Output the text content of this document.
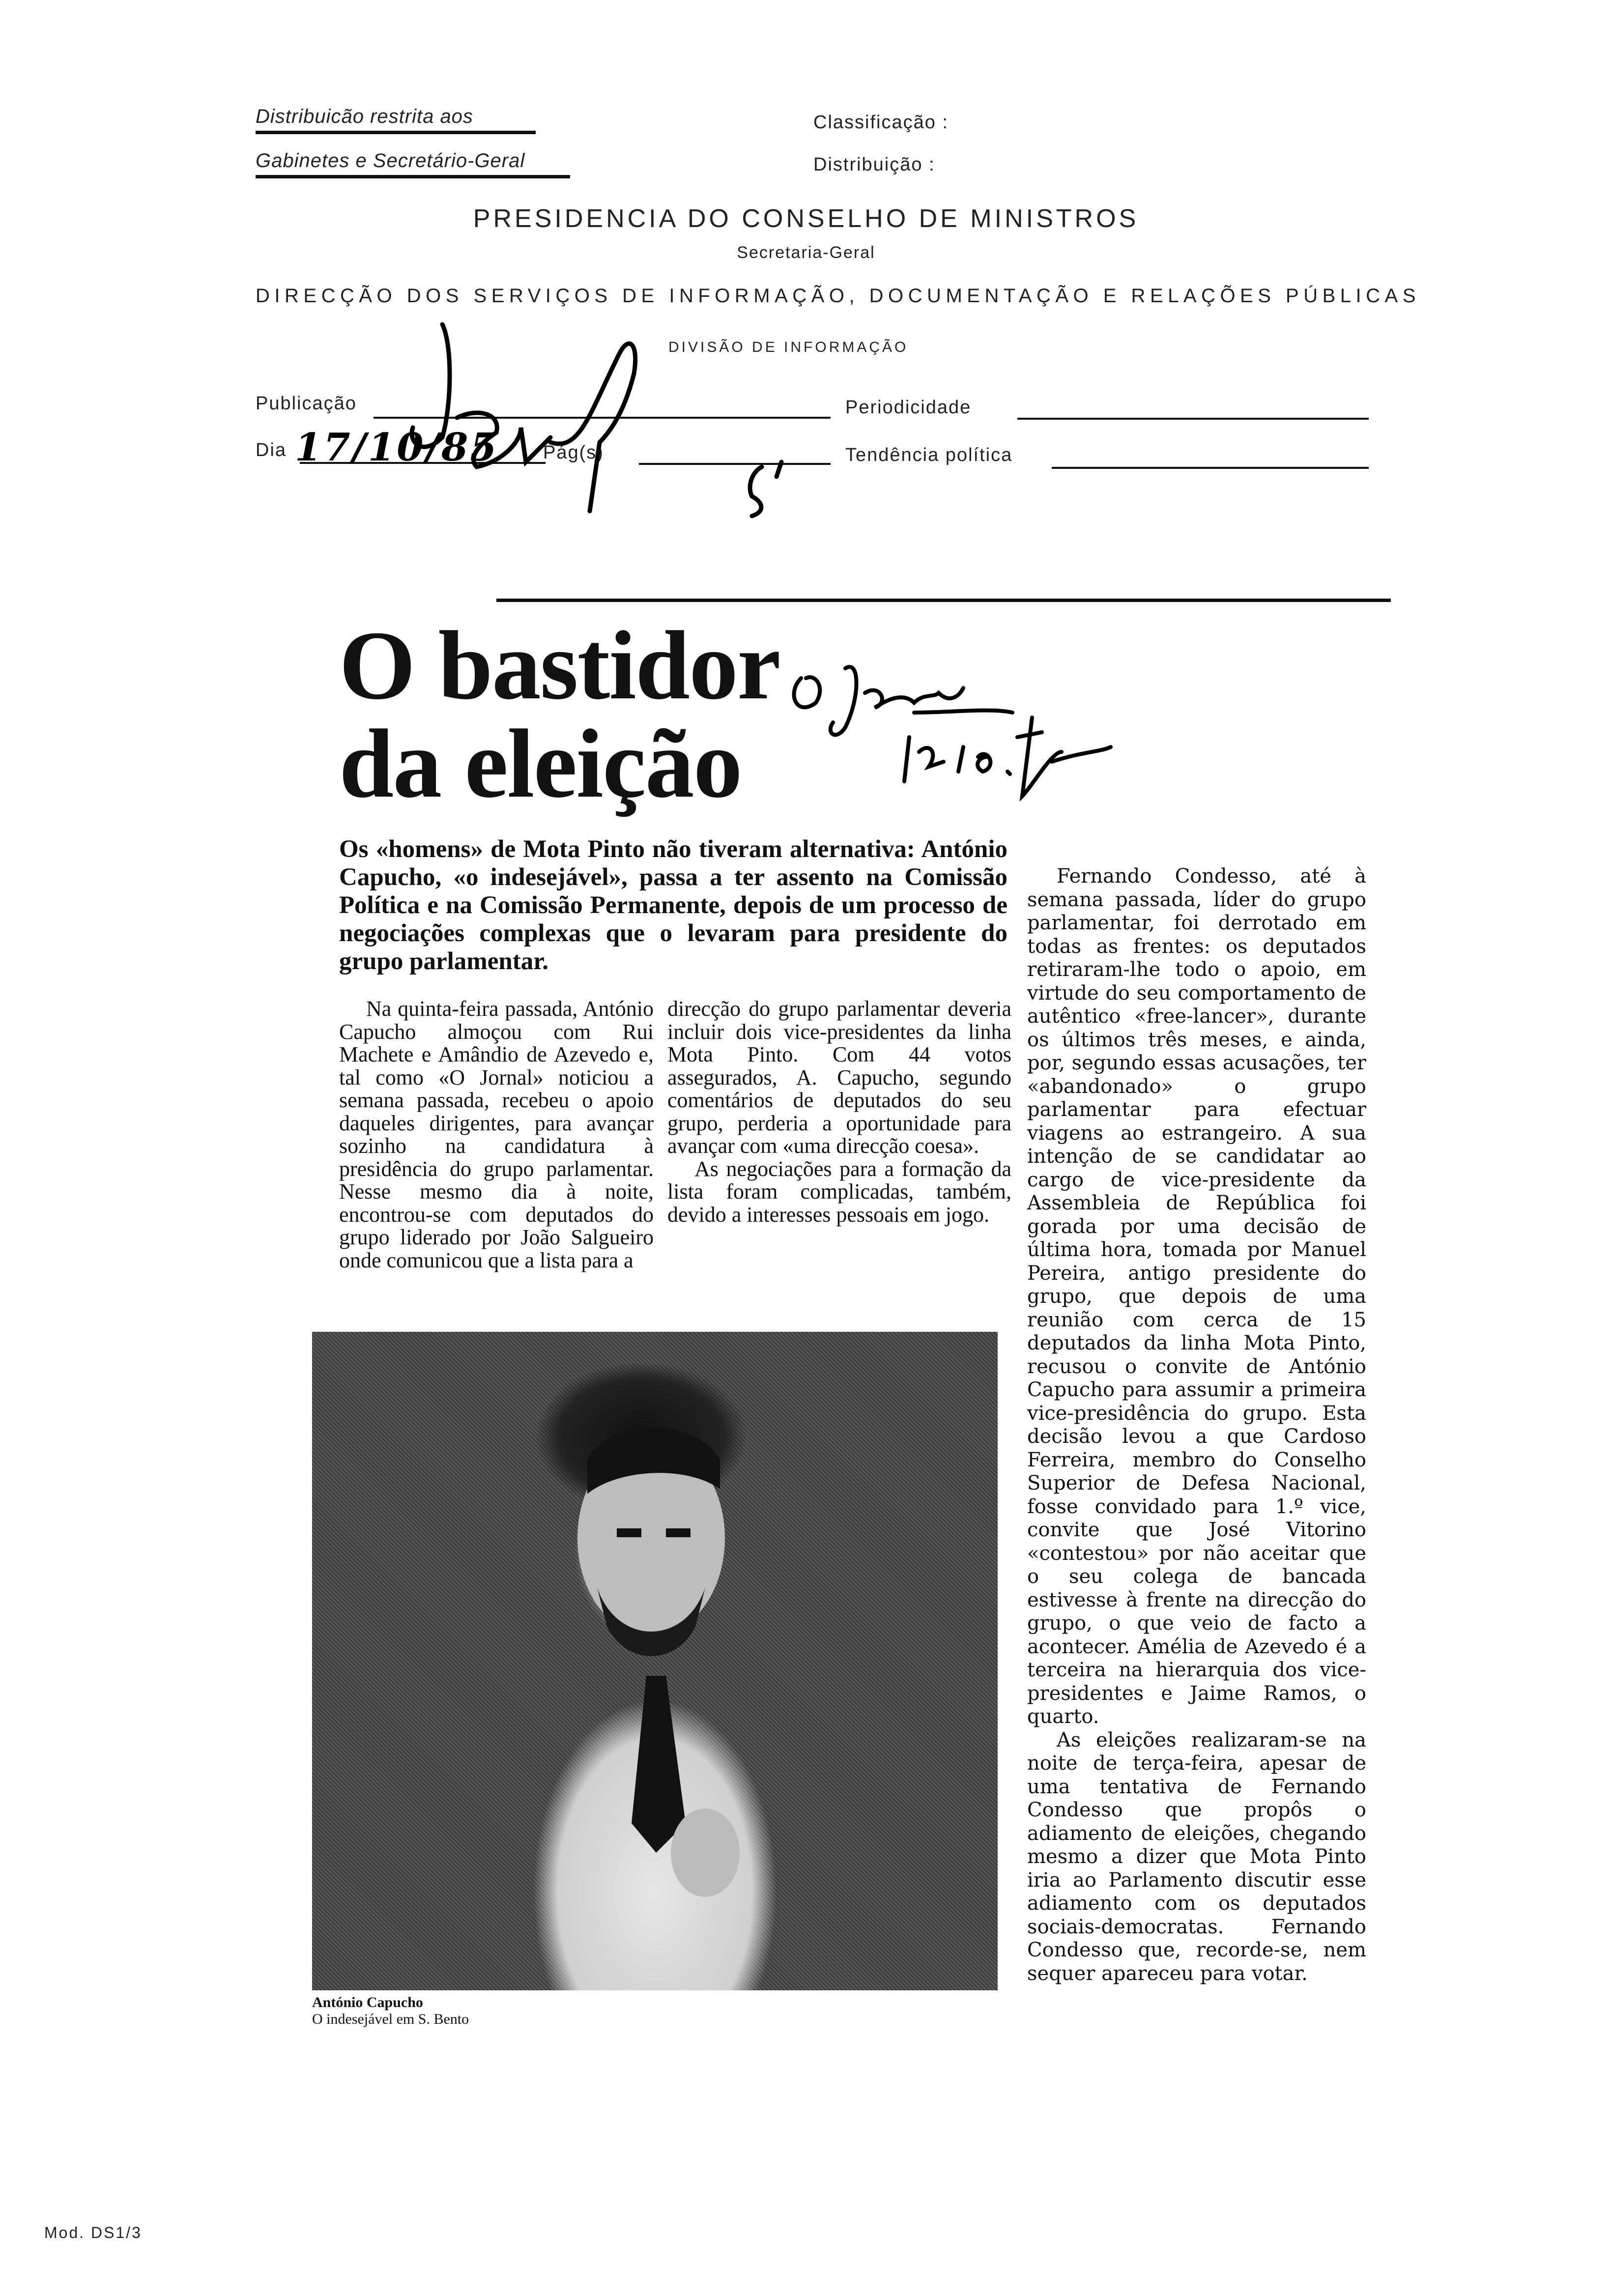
Distribuicão restrita aos
Gabinetes e Secretário-Geral
Classificação :
Distribuição :
PRESIDENCIA DO CONSELHO DE MINISTROS
Secretaria-Geral
DIRECÇÃO DOS SERVIÇOS DE INFORMAÇÃO, DOCUMENTAÇÃO E RELAÇÕES PÚBLICAS
DIVISÃO DE INFORMAÇÃO
Publicação	Periodicidade
Dia 17/10/85 Pág(s)	Tendência política
O bastidor
da eleição
Os «homens» de Mota Pinto não tiveram alternativa: António Capucho, «o indesejável», passa a ter assento na Comissão Política e na Comissão Permanente, depois de um processo de negociações complexas que o levaram para presidente do grupo parlamentar.

Na quinta-feira passada, António Capucho almoçou com Rui Machete e Amândio de Azevedo e, tal como «O Jornal» noticiou a semana passada, recebeu o apoio daqueles dirigentes, para avançar sozinho na candidatura à presidência do grupo parlamentar. Nesse mesmo dia à noite, encontrou-se com deputados do grupo liderado por João Salgueiro onde comunicou que a lista para a

direcção do grupo parlamentar deveria incluir dois vice-presidentes da linha Mota Pinto. Com 44 votos assegurados, A. Capucho, segundo comentários de deputados do seu grupo, perderia a oportunidade para avançar com «uma direcção coesa».

As negociações para a formação da lista foram complicadas, também, devido a interesses pessoais em jogo.

Fernando Condesso, até à semana passada, líder do grupo parlamentar, foi derrotado em todas as frentes: os deputados retiraram-lhe todo o apoio, em virtude do seu comportamento de autêntico «free-lancer», durante os últimos três meses, e ainda, por, segundo essas acusações, ter «abandonado» o grupo parlamentar para efectuar viagens ao estrangeiro. A sua intenção de se candidatar ao cargo de vice-presidente da Assembleia de República foi gorada por uma decisão de última hora, tomada por Manuel Pereira, antigo presidente do grupo, que depois de uma reunião com cerca de 15 deputados da linha Mota Pinto, recusou o convite de António Capucho para assumir a primeira vice-presidência do grupo. Esta decisão levou a que Cardoso Ferreira, membro do Conselho Superior de Defesa Nacional, fosse convidado para 1.º vice, convite que José Vitorino «contestou» por não aceitar que o seu colega de bancada estivesse à frente na direcção do grupo, o que veio de facto a acontecer. Amélia de Azevedo é a terceira na hierarquia dos vice-presidentes e Jaime Ramos, o quarto.

As eleições realizaram-se na noite de terça-feira, apesar de uma tentativa de Fernando Condesso que propôs o adiamento de eleições, chegando mesmo a dizer que Mota Pinto iria ao Parlamento discutir esse adiamento com os deputados sociais-democratas. Fernando Condesso que, recorde-se, nem sequer apareceu para votar.

António Capucho
O indesejável em S. Bento
Mod. DS1/3
